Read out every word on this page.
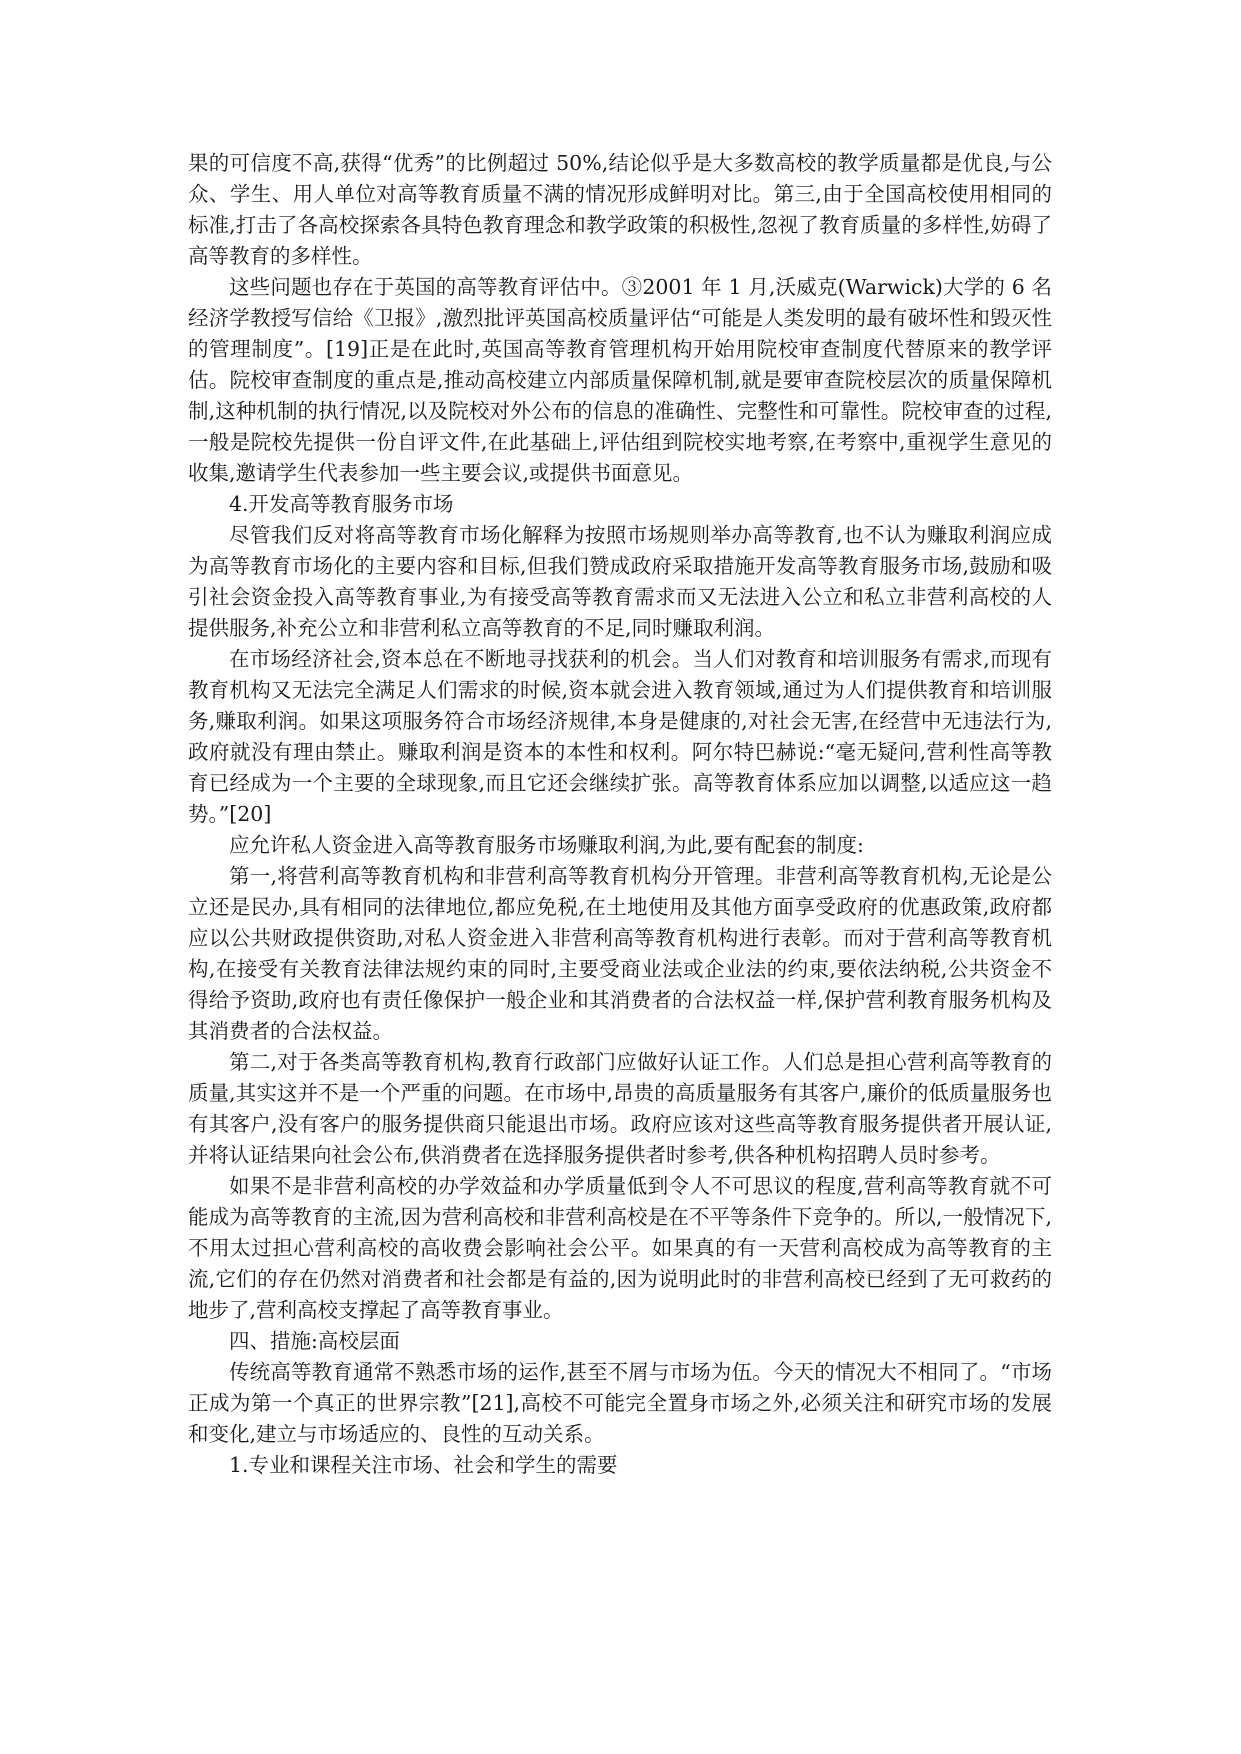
果的可信度不高,获得“优秀”的比例超过 50%,结论似乎是大多数高校的教学质量都是优良,与公众、学生、用人单位对高等教育质量不满的情况形成鲜明对比。第三,由于全国高校使用相同的标准,打击了各高校探索各具特色教育理念和教学政策的积极性,忽视了教育质量的多样性,妨碍了高等教育的多样性。

这些问题也存在于英国的高等教育评估中。③2001 年 1 月,沃威克(Warwick)大学的 6 名经济学教授写信给《卫报》,激烈批评英国高校质量评估“可能是人类发明的最有破坏性和毁灭性的管理制度”。[19]正是在此时,英国高等教育管理机构开始用院校审查制度代替原来的教学评估。院校审查制度的重点是,推动高校建立内部质量保障机制,就是要审查院校层次的质量保障机制,这种机制的执行情况,以及院校对外公布的信息的准确性、完整性和可靠性。院校审查的过程,一般是院校先提供一份自评文件,在此基础上,评估组到院校实地考察,在考察中,重视学生意见的收集,邀请学生代表参加一些主要会议,或提供书面意见。

4.开发高等教育服务市场

尽管我们反对将高等教育市场化解释为按照市场规则举办高等教育,也不认为赚取利润应成为高等教育市场化的主要内容和目标,但我们赞成政府采取措施开发高等教育服务市场,鼓励和吸引社会资金投入高等教育事业,为有接受高等教育需求而又无法进入公立和私立非营利高校的人提供服务,补充公立和非营利私立高等教育的不足,同时赚取利润。

在市场经济社会,资本总在不断地寻找获利的机会。当人们对教育和培训服务有需求,而现有教育机构又无法完全满足人们需求的时候,资本就会进入教育领域,通过为人们提供教育和培训服务,赚取利润。如果这项服务符合市场经济规律,本身是健康的,对社会无害,在经营中无违法行为,政府就没有理由禁止。赚取利润是资本的本性和权利。阿尔特巴赫说:“毫无疑问,营利性高等教育已经成为一个主要的全球现象,而且它还会继续扩张。高等教育体系应加以调整,以适应这一趋势。”[20]

应允许私人资金进入高等教育服务市场赚取利润,为此,要有配套的制度:

第一,将营利高等教育机构和非营利高等教育机构分开管理。非营利高等教育机构,无论是公立还是民办,具有相同的法律地位,都应免税,在土地使用及其他方面享受政府的优惠政策,政府都应以公共财政提供资助,对私人资金进入非营利高等教育机构进行表彰。而对于营利高等教育机构,在接受有关教育法律法规约束的同时,主要受商业法或企业法的约束,要依法纳税,公共资金不得给予资助,政府也有责任像保护一般企业和其消费者的合法权益一样,保护营利教育服务机构及其消费者的合法权益。

第二,对于各类高等教育机构,教育行政部门应做好认证工作。人们总是担心营利高等教育的质量,其实这并不是一个严重的问题。在市场中,昂贵的高质量服务有其客户,廉价的低质量服务也有其客户,没有客户的服务提供商只能退出市场。政府应该对这些高等教育服务提供者开展认证,并将认证结果向社会公布,供消费者在选择服务提供者时参考,供各种机构招聘人员时参考。

如果不是非营利高校的办学效益和办学质量低到令人不可思议的程度,营利高等教育就不可能成为高等教育的主流,因为营利高校和非营利高校是在不平等条件下竞争的。所以,一般情况下,不用太过担心营利高校的高收费会影响社会公平。如果真的有一天营利高校成为高等教育的主流,它们的存在仍然对消费者和社会都是有益的,因为说明此时的非营利高校已经到了无可救药的地步了,营利高校支撑起了高等教育事业。

四、措施:高校层面

传统高等教育通常不熟悉市场的运作,甚至不屑与市场为伍。今天的情况大不相同了。“市场正成为第一个真正的世界宗教”[21],高校不可能完全置身市场之外,必须关注和研究市场的发展和变化,建立与市场适应的、良性的互动关系。

1.专业和课程关注市场、社会和学生的需要
